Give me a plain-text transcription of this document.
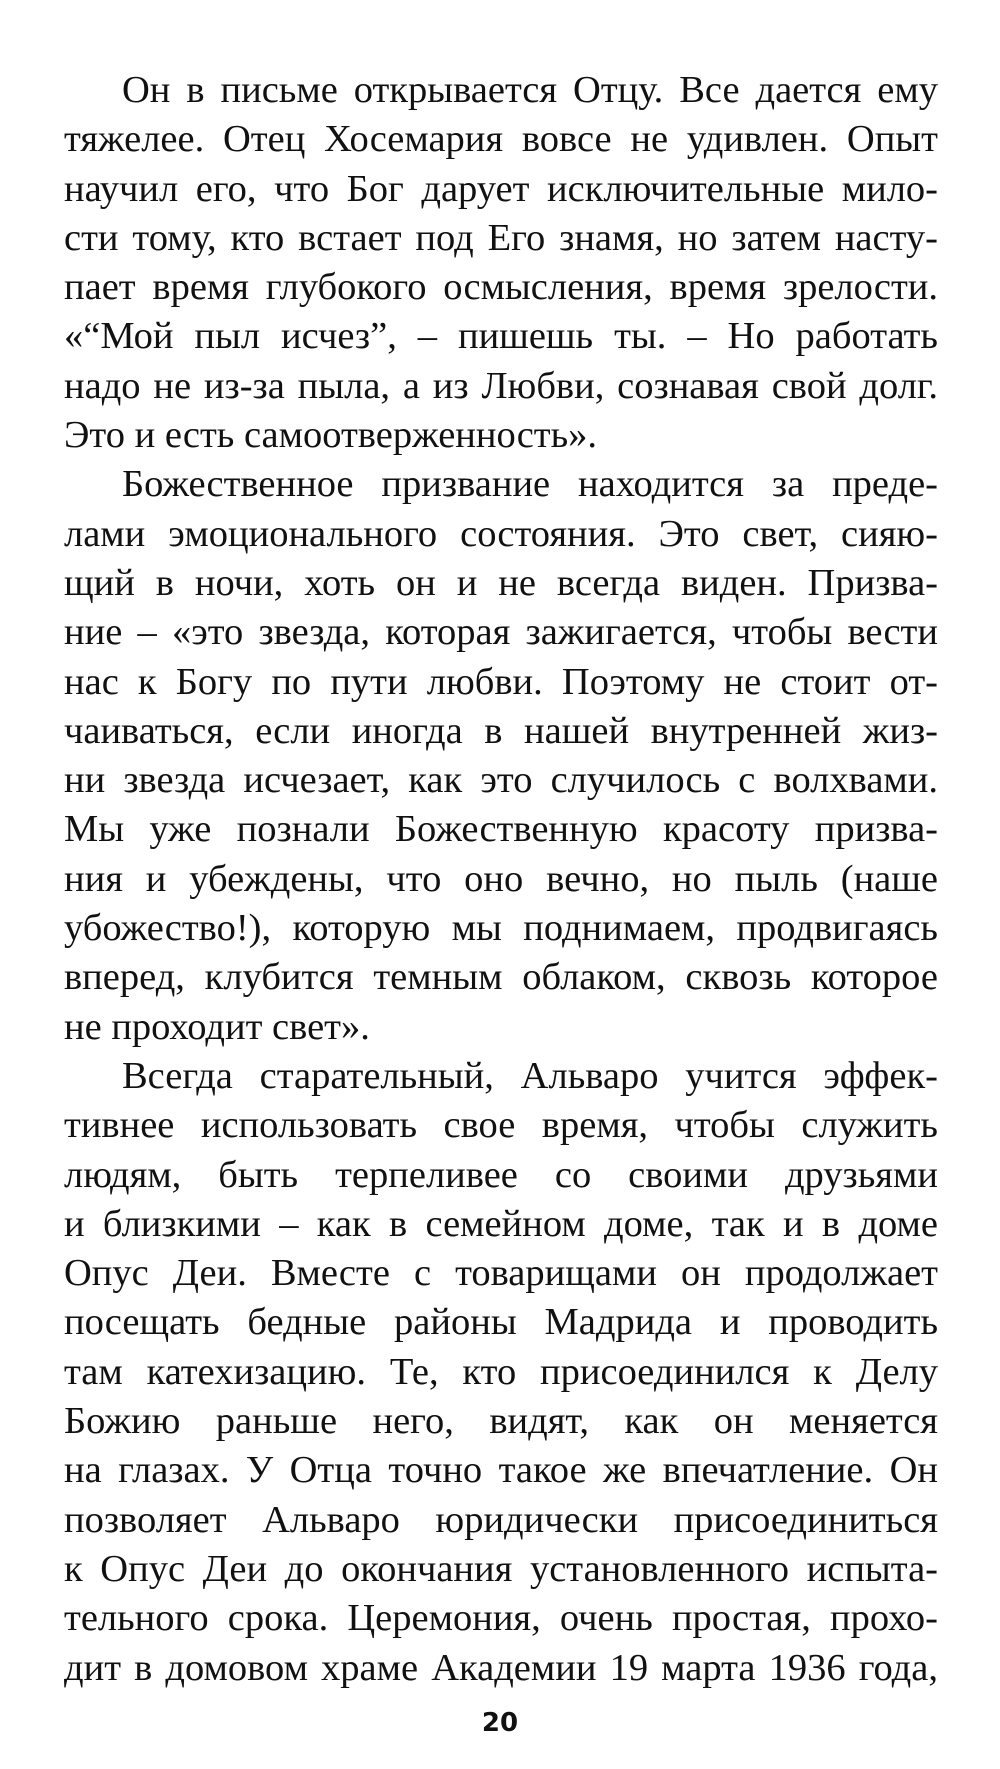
Он в письме открывается Отцу. Все дается ему
тяжелее. Отец Хосемария вовсе не удивлен. Опыт
научил его, что Бог дарует исключительные мило-
сти тому, кто встает под Его знамя, но затем насту-
пает время глубокого осмысления, время зрелости.
«“Мой пыл исчез”, – пишешь ты. – Но работать
надо не из-за пыла, а из Любви, сознавая свой долг.
Это и есть самоотверженность».
Божественное призвание находится за преде-
лами эмоционального состояния. Это свет, сияю-
щий в ночи, хоть он и не всегда виден. Призва-
ние – «это звезда, которая зажигается, чтобы вести
нас к Богу по пути любви. Поэтому не стоит от-
чаиваться, если иногда в нашей внутренней жиз-
ни звезда исчезает, как это случилось с волхвами.
Мы уже познали Божественную красоту призва-
ния и убеждены, что оно вечно, но пыль (наше
убожество!), которую мы поднимаем, продвигаясь
вперед, клубится темным облаком, сквозь которое
не проходит свет».
Всегда старательный, Альваро учится эффек-
тивнее использовать свое время, чтобы служить
людям, быть терпеливее со своими друзьями
и близкими – как в семейном доме, так и в доме
Опус Деи. Вместе с товарищами он продолжает
посещать бедные районы Мадрида и проводить
там катехизацию. Те, кто присоединился к Делу
Божию раньше него, видят, как он меняется
на глазах. У Отца точно такое же впечатление. Он
позволяет Альваро юридически присоединиться
к Опус Деи до окончания установленного испыта-
тельного срока. Церемония, очень простая, прохо-
дит в домовом храме Академии 19 марта 1936 года,
20
